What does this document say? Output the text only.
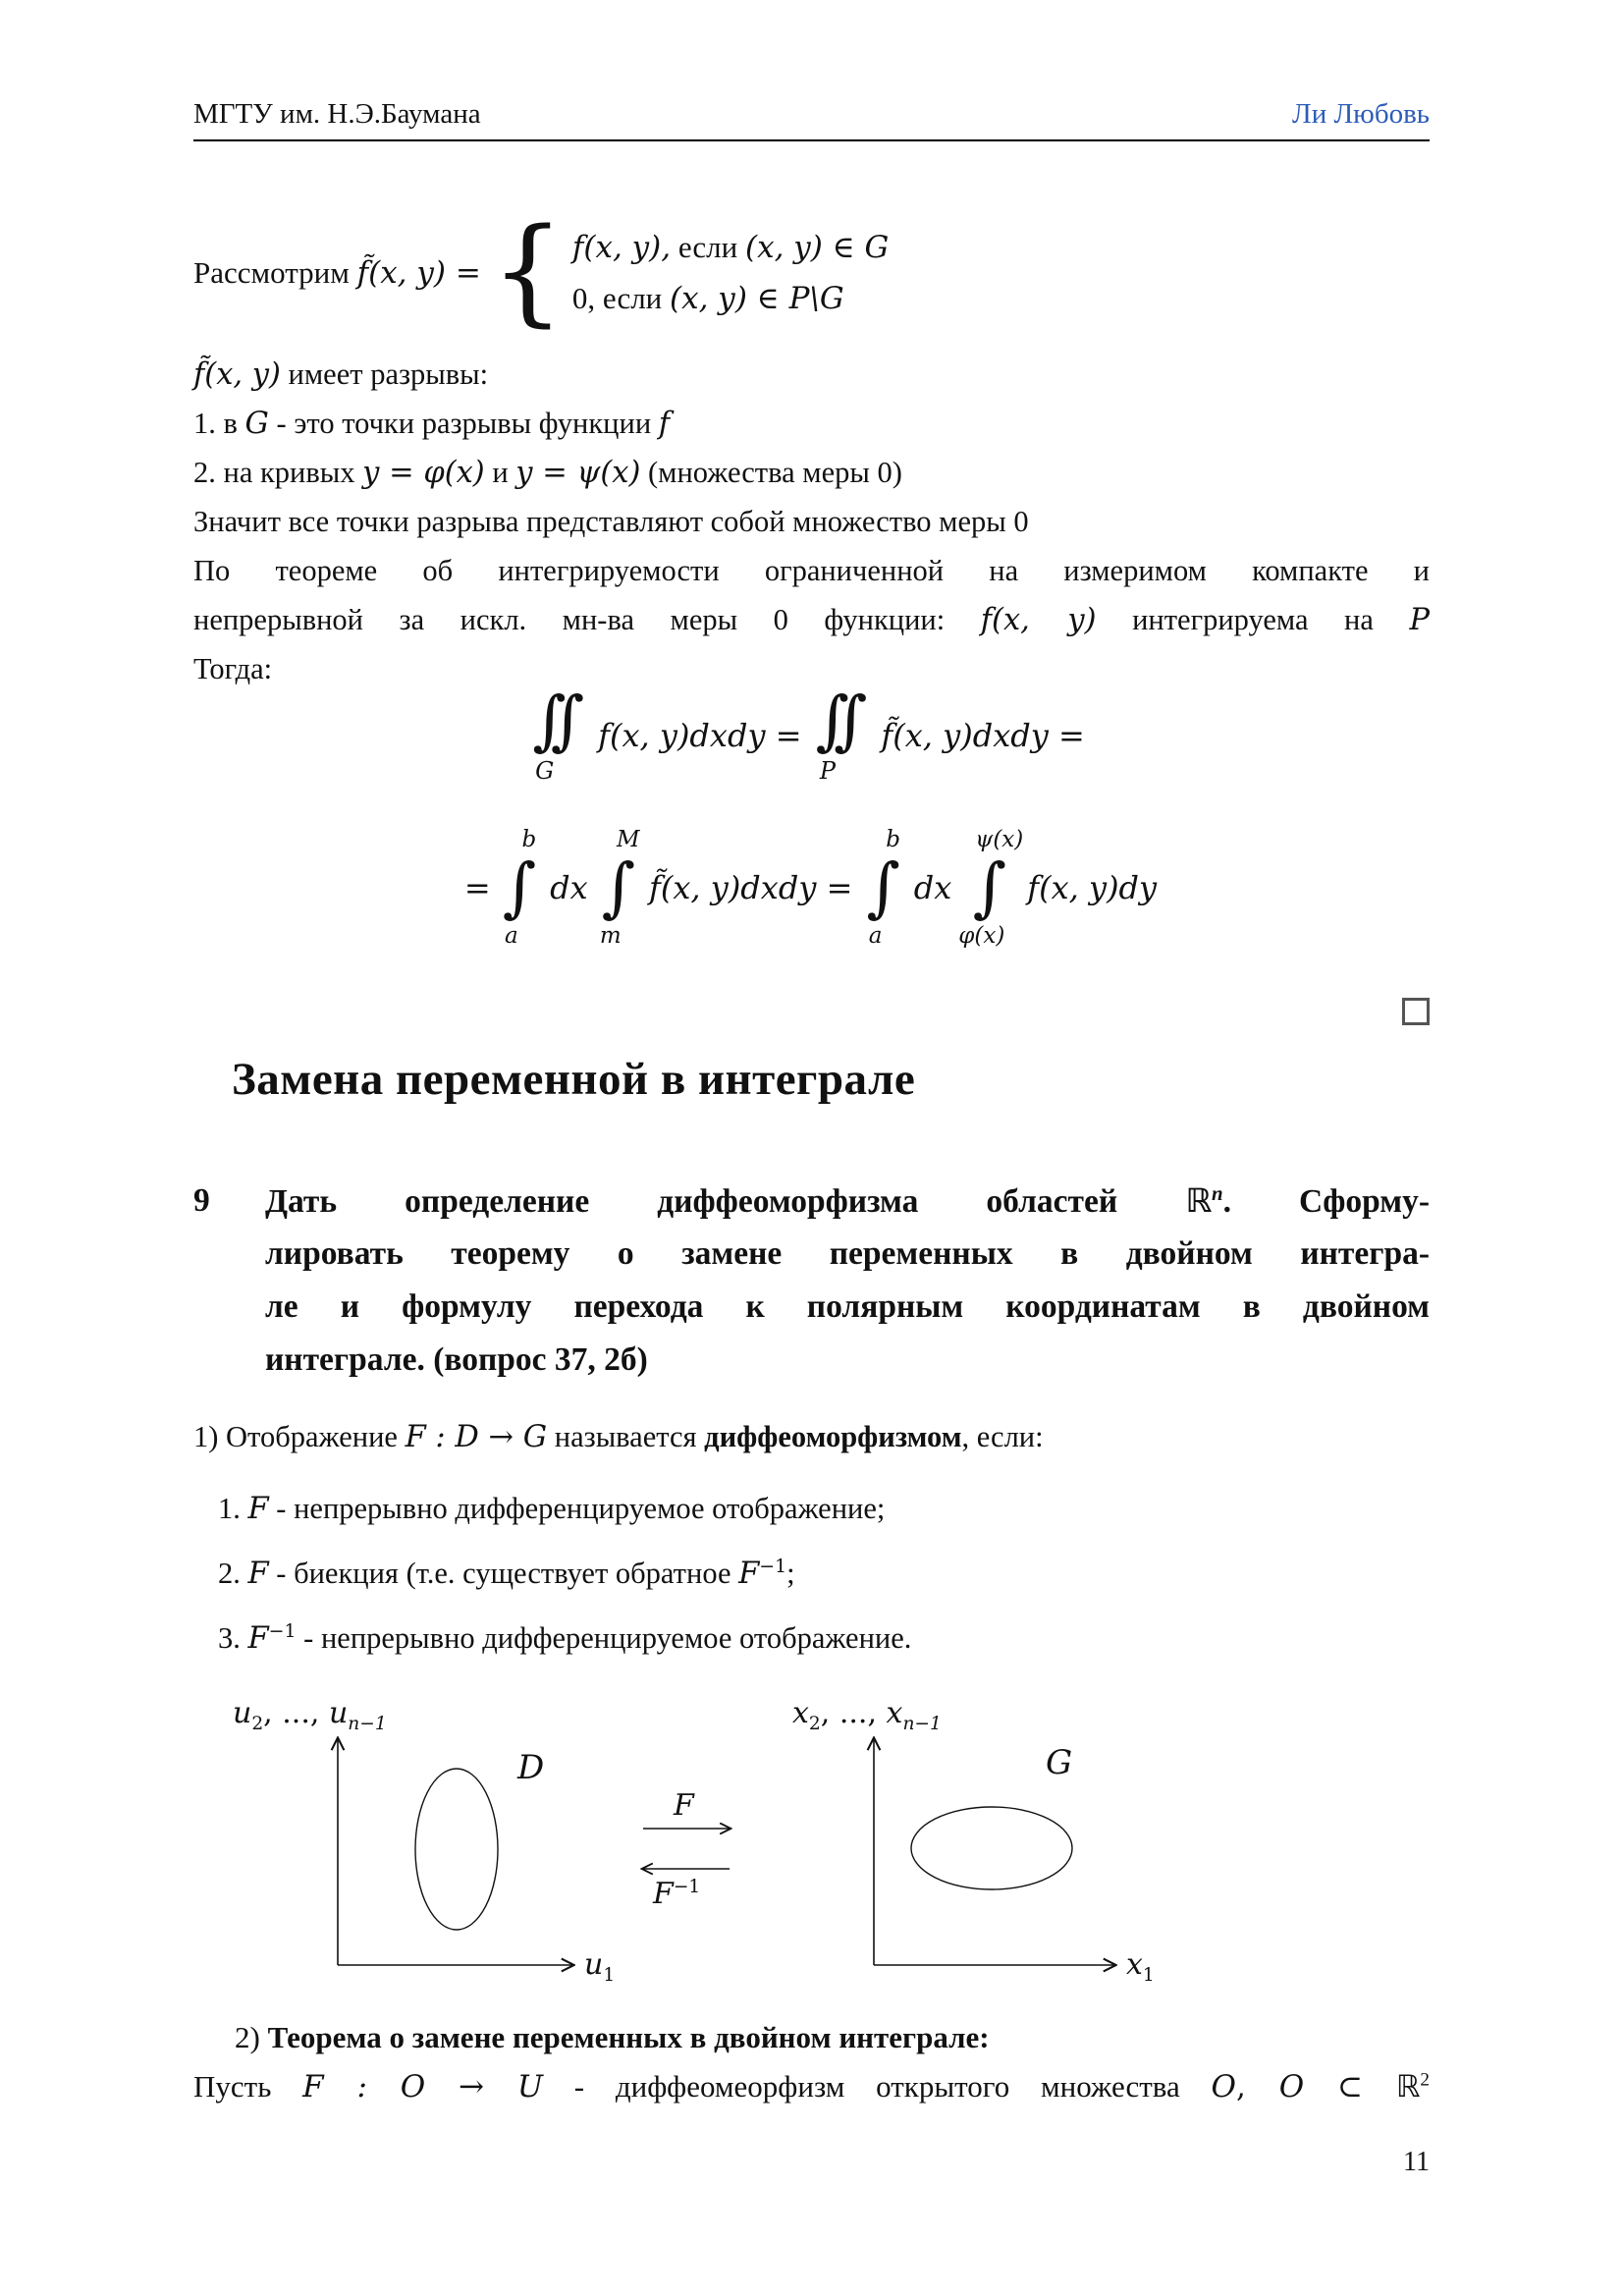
МГТУ им. Н.Э.Баумана	Ли Любовь
Рассмотрим
f̃(x, y) = { f(x, y), если (x, y) ∈ G
0, если (x, y) ∈ P\G
f̃(x, y) имеет разрывы:
1. в G - это точки разрывы функции f
2. на кривых y = φ(x) и y = ψ(x) (множества меры 0)
Значит все точки разрыва представляют собой множество меры 0
По теореме об интегрируемости ограниченной на измеримом компакте и
непрерывной за искл. мн-ва меры 0 функции: f(x, y) интегрируема на P
Тогда:
∫∫
G
f(x, y)dxdy = ∫∫
P
f̃(x, y)dxdy =
=
b
∫
a
dx
M
∫
m
f̃(x, y)dxdy =
b
∫
a
dx
ψ(x)
∫
φ(x)
f(x, y)dy
Замена переменной в интеграле
9	Дать определение диффеоморфизма областей ℝ$^n$. Сформу-
лировать теорему о замене переменных в двойном интегра-
ле и формулу перехода к полярным координатам в двойном
интеграле. (вопрос 37, 2б)
1) Отображение F : D → G называется диффеоморфизмом, если:
1. F - непрерывно дифференцируемое отображение;
2. F - биекция (т.е. существует обратное $F^{-1}$;
3. $F^{-1}$ - непрерывно дифференцируемое отображение.
$u_2$, ..., $u_{n-1}$
$u_1$
D
F
$F^{-1}$
$x_2$, ..., $x_{n-1}$
$x_1$
G
2) Теорема о замене переменных в двойном интеграле:
Пусть F : O → U - диффеомеорфизм открытого множества O, O ⊂ ℝ$^2$
11
